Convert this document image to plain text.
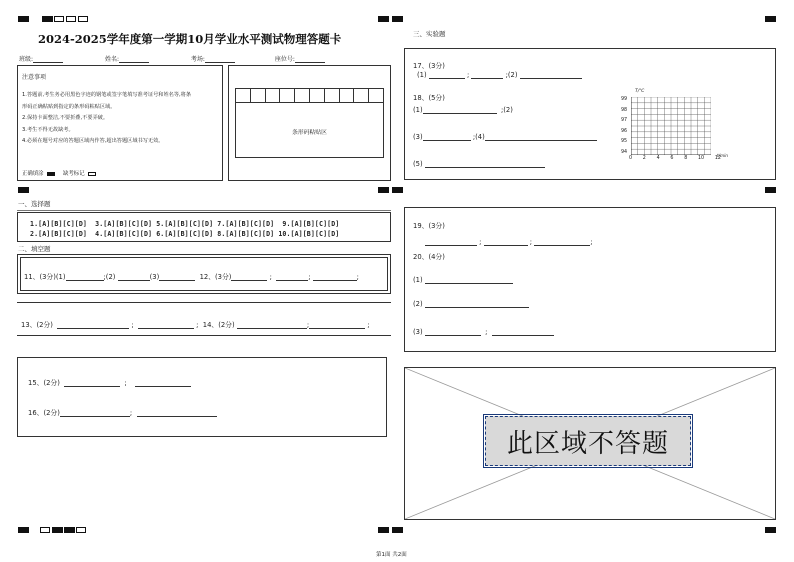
2024-2025学年度第一学期10月学业水平测试物理答题卡
班级:	姓名:	考场:	座位号:
注意事项
1.答题前,考生务必用黑色字迹的钢笔或签字笔填写准考证号和姓名等,将条
形码正确粘贴到指定的条形码粘贴区域。
2.保持卡面整洁,不要折叠,不要弄破。
3.考生不得无故缺考。
4.必须在题号对应的答题区域内作答,超出答题区域书写无效。
正确填涂	缺考标记
条形码粘贴区
一、选择题
1.[A][B][C][D] 3.[A][B][C][D] 5.[A][B][C][D] 7.[A][B][C][D] 9.[A][B][C][D]
2.[A][B][C][D] 4.[A][B][C][D] 6.[A][B][C][D] 8.[A][B][C][D] 10.[A][B][C][D]
二、填空题
11、(3分)(1)	;(2)	(3)	12、(3分)	;	;	;
13、(2分)	;	;  14、(2分)	;	;
15、(2分)	;
16、(2分)	;
三、实验题
17、(3分)
(1)	;	;(2)
18、(5分)
(1)	;(2)
(3)	;(4)
(5)
T/℃
99
98
97
96
95
94
0 2 4 6 8 10 12
t/min
19、(3分)
;	;	;
20、(4分)
(1)
(2)
(3)	;
此区域不答题
第1面 共2面
